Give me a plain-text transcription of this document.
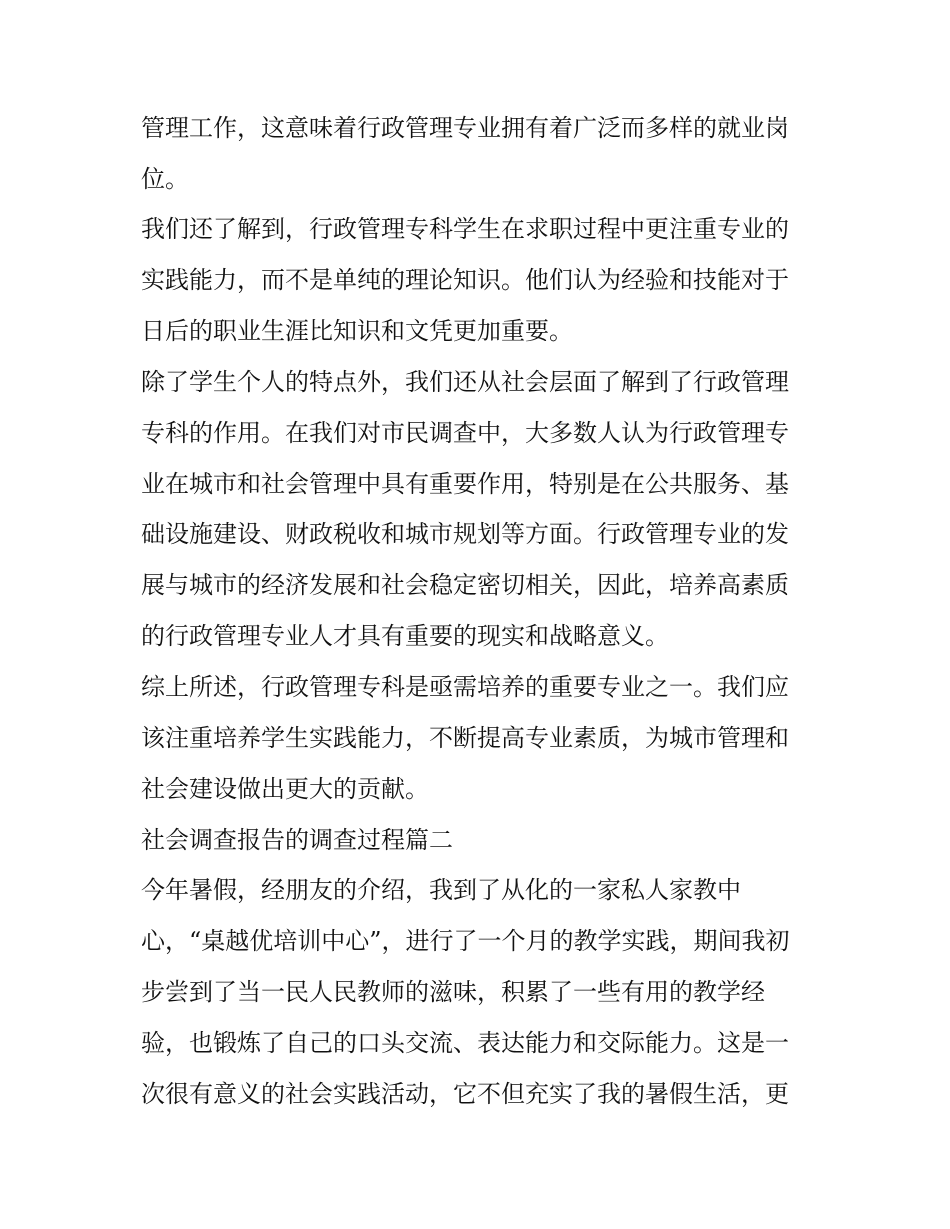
管理工作，这意味着行政管理专业拥有着广泛而多样的就业岗

位。

我们还了解到，行政管理专科学生在求职过程中更注重专业的

实践能力，而不是单纯的理论知识。他们认为经验和技能对于

日后的职业生涯比知识和文凭更加重要。

除了学生个人的特点外，我们还从社会层面了解到了行政管理

专科的作用。在我们对市民调查中，大多数人认为行政管理专

业在城市和社会管理中具有重要作用，特别是在公共服务、基

础设施建设、财政税收和城市规划等方面。行政管理专业的发

展与城市的经济发展和社会稳定密切相关，因此，培养高素质

的行政管理专业人才具有重要的现实和战略意义。

综上所述，行政管理专科是亟需培养的重要专业之一。我们应

该注重培养学生实践能力，不断提高专业素质，为城市管理和

社会建设做出更大的贡献。

社会调查报告的调查过程篇二

今年暑假，经朋友的介绍，我到了从化的一家私人家教中

心，“桌越优培训中心”，进行了一个月的教学实践，期间我初

步尝到了当一民人民教师的滋味，积累了一些有用的教学经

验，也锻炼了自己的口头交流、表达能力和交际能力。这是一

次很有意义的社会实践活动，它不但充实了我的暑假生活，更
